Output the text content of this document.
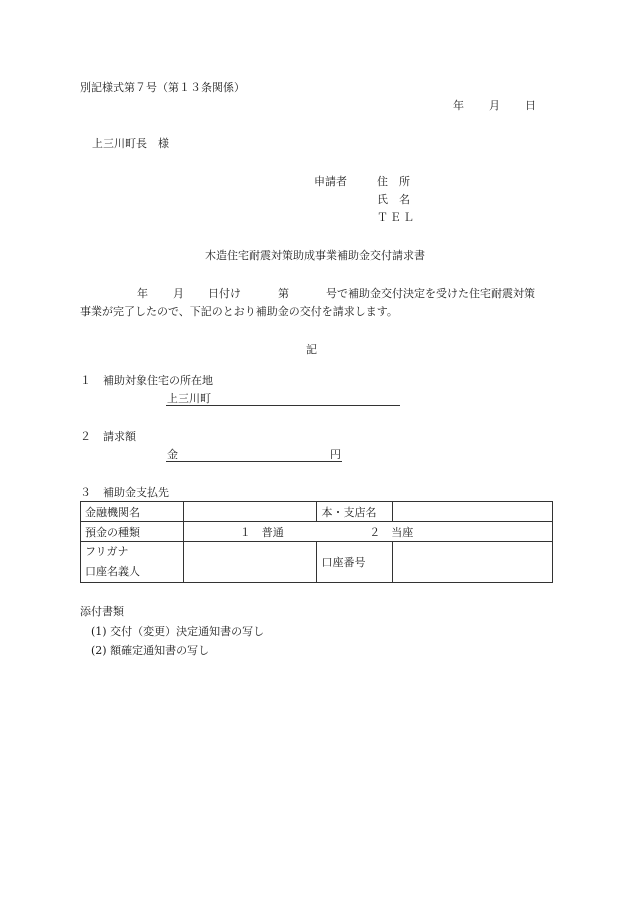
別記様式第７号（第１３条関係）
年 月 日
上三川町長　様
申請者	住　所
氏　名
ＴＥＬ
木造住宅耐震対策助成事業補助金交付請求書
年 月 日付け	第	号で補助金交付決定を受けた住宅耐震対策
事業が完了したので、下記のとおり補助金の交付を請求します。
記
１ 補助対象住宅の所在地
上三川町
２ 請求額
金	円
３ 補助金支払先
金融機関名		本・支店名	
預金の種類	１　普通 ２　当座		

フリガナ
口座名義人		口座番号	
添付書類
(1) 交付（変更）決定通知書の写し
(2) 額確定通知書の写し
